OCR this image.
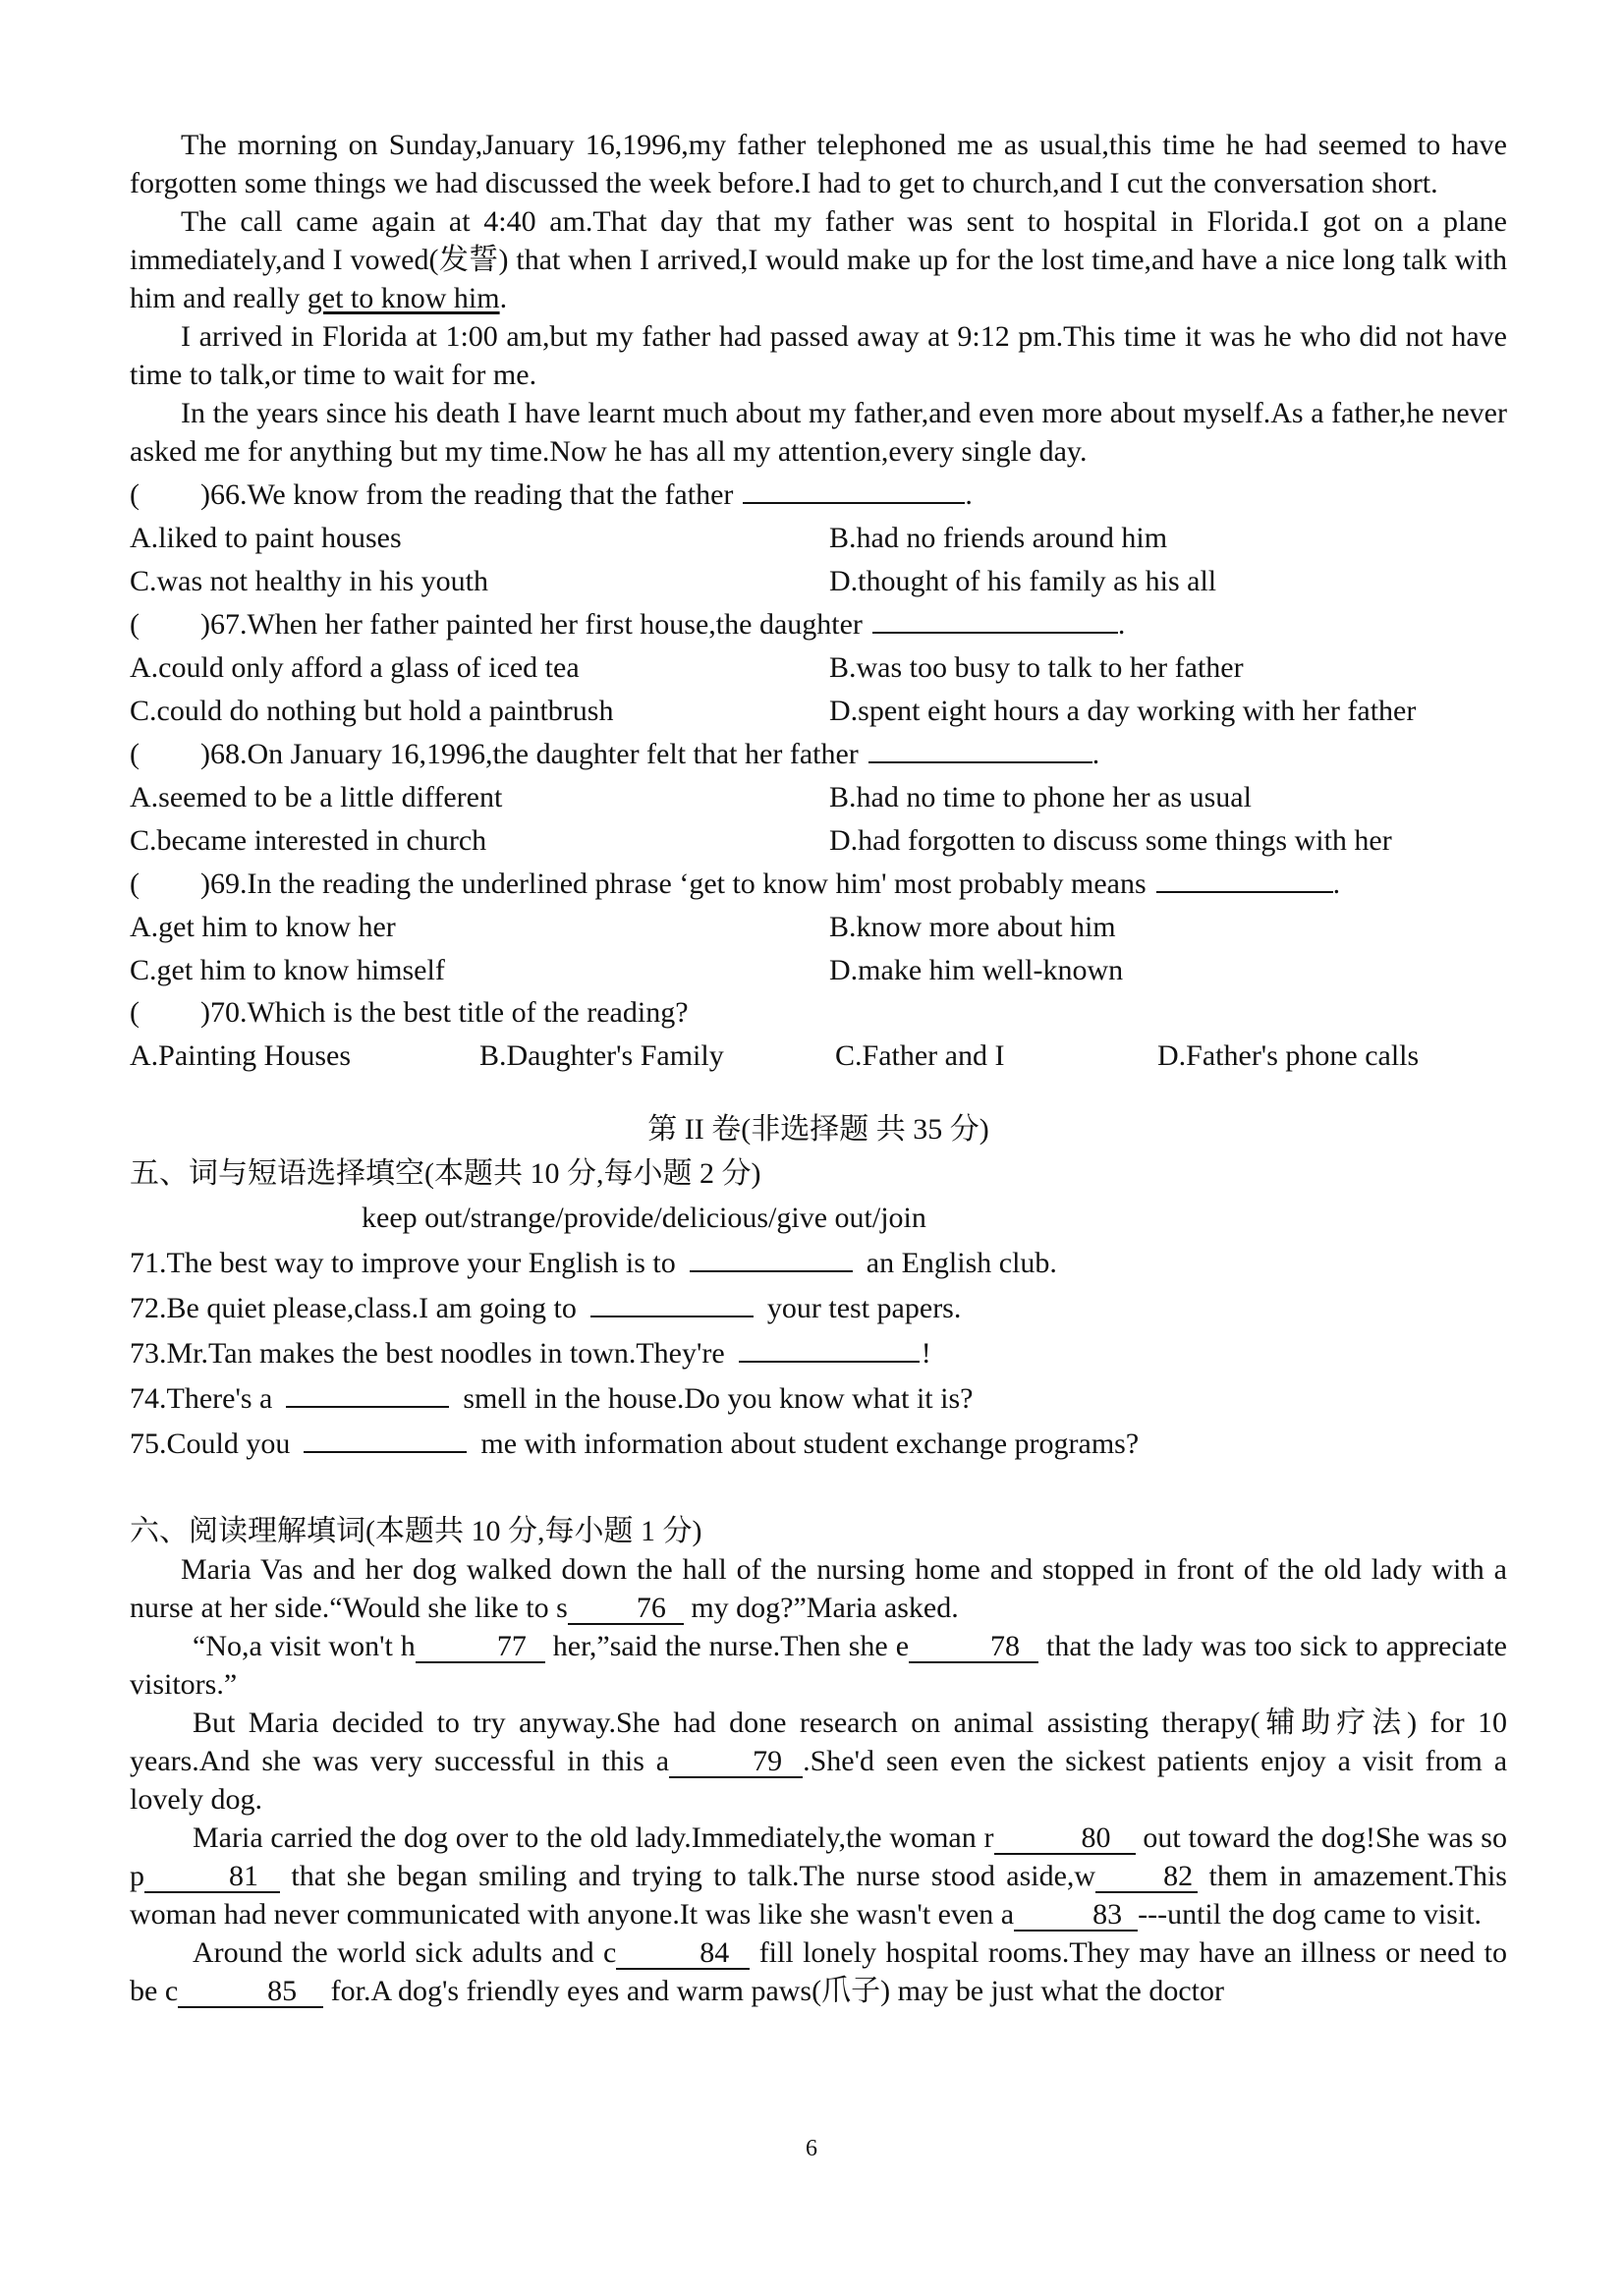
The morning on Sunday,January 16,1996,my father telephoned me as usual,this time he had seemed to have forgotten some things we had discussed the week before.I had to get to church,and I cut the conversation short.

The call came again at 4:40 am.That day that my father was sent to hospital in Florida.I got on a plane immediately,and I vowed(发誓) that when I arrived,I would make up for the lost time,and have a nice long talk with him and really get to know him.

I arrived in Florida at 1:00 am,but my father had passed away at 9:12 pm.This time it was he who did not have time to talk,or time to wait for me.

In the years since his death I have learnt much about my father,and even more about myself.As a father,he never asked me for anything but my time.Now he has all my attention,every single day.

( )66.We know from the reading that the father	.
A.liked to paint houses	B.had no friends around him
C.was not healthy in his youth	D.thought of his family as his all
( )67.When her father painted her first house,the daughter	.
A.could only afford a glass of iced tea	B.was too busy to talk to her father
C.could do nothing but hold a paintbrush	D.spent eight hours a day working with her father
( )68.On January 16,1996,the daughter felt that her father	.
A.seemed to be a little different	B.had no time to phone her as usual
C.became interested in church	D.had forgotten to discuss some things with her
( )69.In the reading the underlined phrase ‘get to know him' most probably means	.
A.get him to know her	B.know more about him
C.get him to know himself	D.make him well-known
( )70.Which is the best title of the reading?
A.Painting Houses	B.Daughter's Family	C.Father and I	D.Father's phone calls
第 II 卷(非选择题 共 35 分)
五、词与短语选择填空(本题共 10 分,每小题 2 分)
keep out/strange/provide/delicious/give out/join
71.The best way to improve your English is to	an English club.
72.Be quiet please,class.I am going to	your test papers.
73.Mr.Tan makes the best noodles in town.They're	!
74.There's a	smell in the house.Do you know what it is?
75.Could you	me with information about student exchange programs?
六、阅读理解填词(本题共 10 分,每小题 1 分)

Maria Vas and her dog walked down the hall of the nursing home and stopped in front of the old lady with a nurse at her side.“Would she like to s 76 my dog?”Maria asked.

“No,a visit won't h	77 her,”said the nurse.Then she e	78 that the lady was too sick to appreciate visitors.”

But Maria decided to try anyway.She had done research on animal assisting therapy(辅助疗法) for 10 years.And she was very successful in this a	79 .She'd seen even the sickest patients enjoy a visit from a lovely dog.

Maria carried the dog over to the old lady.Immediately,the woman r	80 out toward the dog!She was so p	81 that she began smiling and trying to talk.The nurse stood aside,w 82 them in amazement.This woman had never communicated with anyone.It was like she wasn't even a	83 ---until the dog came to visit.

Around the world sick adults and c	84 fill lonely hospital rooms.They may have an illness or need to be c	85 for.A dog's friendly eyes and warm paws(爪子) may be just what the doctor

6
